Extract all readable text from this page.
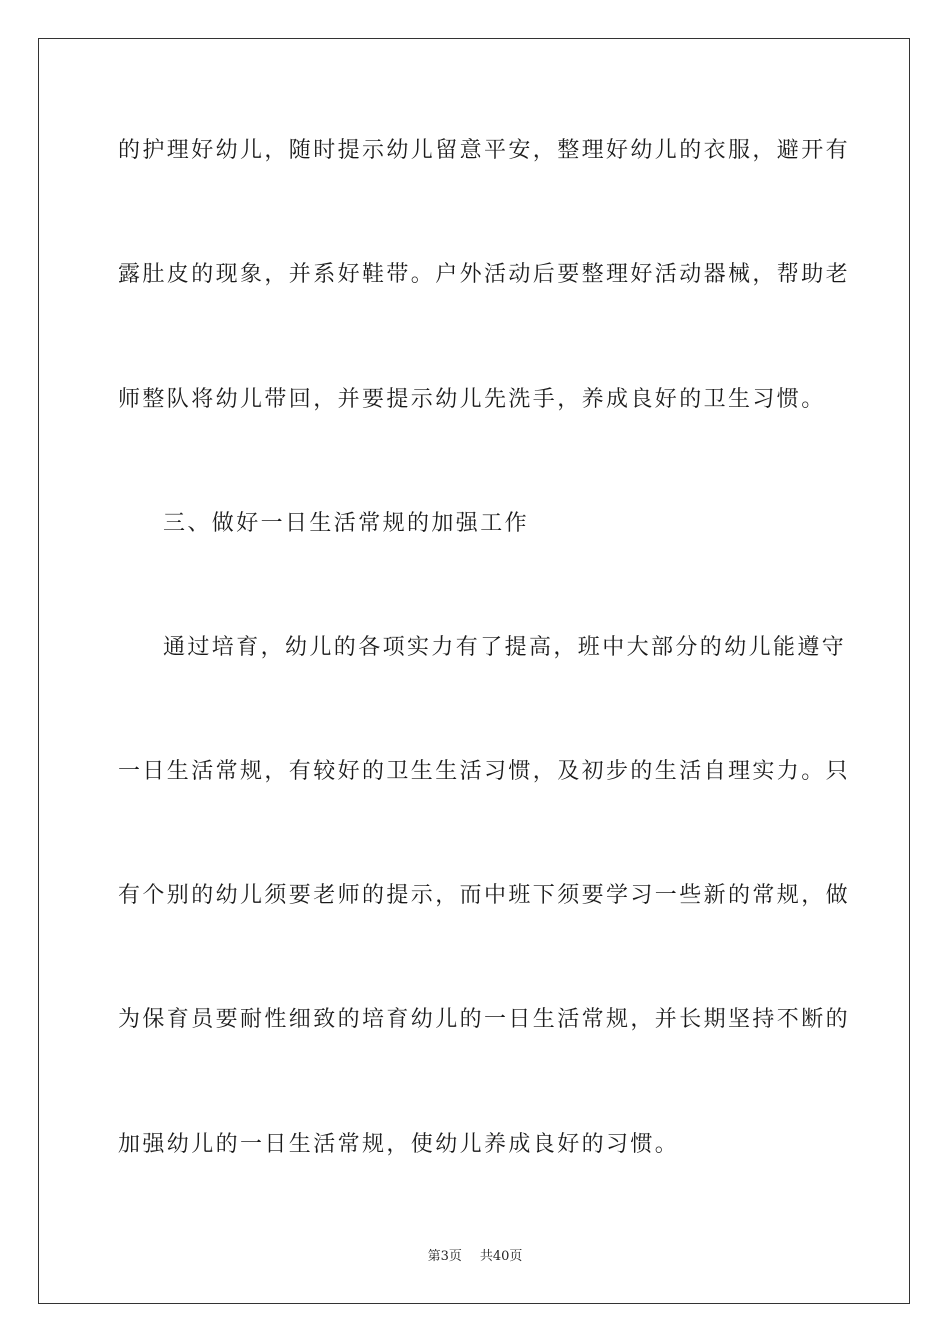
的护理好幼儿，随时提示幼儿留意平安，整理好幼儿的衣服，避开有
露肚皮的现象，并系好鞋带。户外活动后要整理好活动器械，帮助老
师整队将幼儿带回，并要提示幼儿先洗手，养成良好的卫生习惯。
三、做好一日生活常规的加强工作
通过培育，幼儿的各项实力有了提高，班中大部分的幼儿能遵守
一日生活常规，有较好的卫生生活习惯，及初步的生活自理实力。只
有个别的幼儿须要老师的提示，而中班下须要学习一些新的常规，做
为保育员要耐性细致的培育幼儿的一日生活常规，并长期坚持不断的
加强幼儿的一日生活常规，使幼儿养成良好的习惯。
第3页 共40页
